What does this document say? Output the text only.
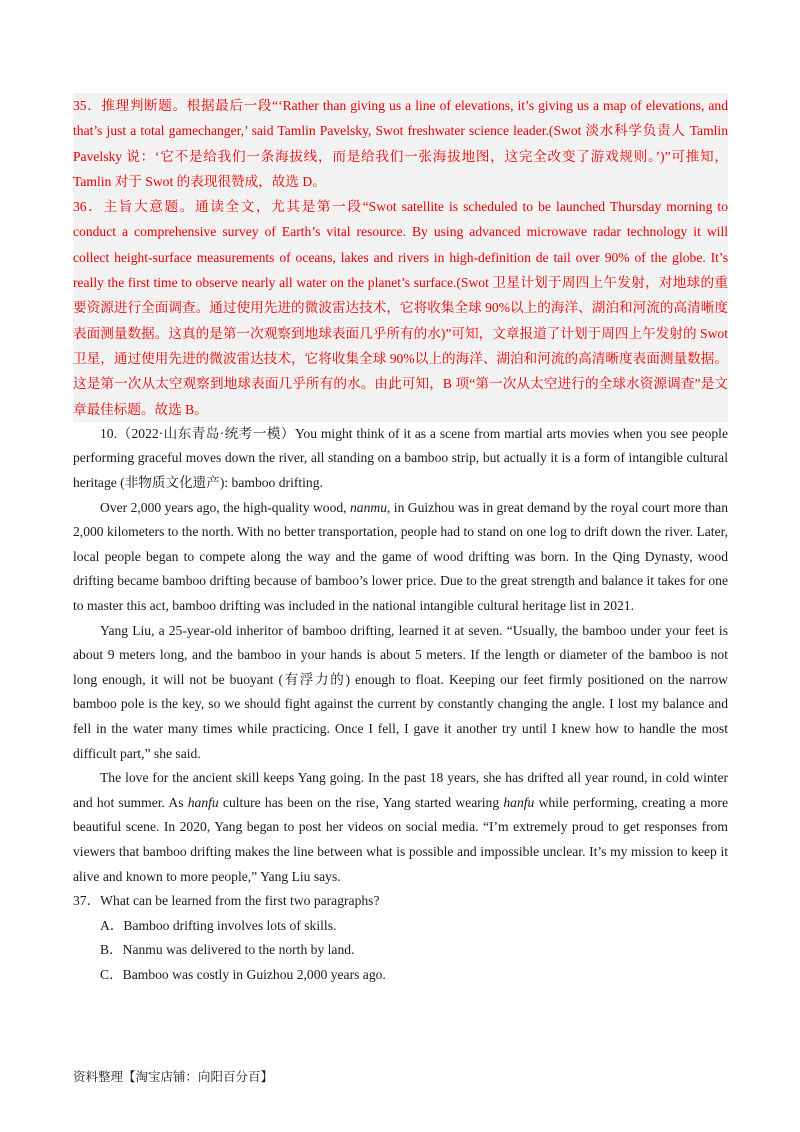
35．推理判断题。根据最后一段“‘Rather than giving us a line of elevations, it’s giving us a map of elevations, and that’s just a total gamechanger,’ said Tamlin Pavelsky, Swot freshwater science leader.(Swot 淡水科学负责人 Tamlin Pavelsky 说：‘它不是给我们一条海拔线，而是给我们一张海拔地图，这完全改变了游戏规则。’)”可推知，Tamlin 对于 Swot 的表现很赞成，故选 D。

36．主旨大意题。通读全文，尤其是第一段“Swot satellite is scheduled to be launched Thursday morning to conduct a comprehensive survey of Earth’s vital resource. By using advanced microwave radar technology it will collect height-surface measurements of oceans, lakes and rivers in high-definition de tail over 90% of the globe. It’s really the first time to observe nearly all water on the planet’s surface.(Swot 卫星计划于周四上午发射，对地球的重要资源进行全面调查。通过使用先进的微波雷达技术，它将收集全球 90%以上的海洋、湖泊和河流的高清晰度表面测量数据。这真的是第一次观察到地球表面几乎所有的水)”可知，文章报道了计划于周四上午发射的 Swot 卫星，通过使用先进的微波雷达技术，它将收集全球 90%以上的海洋、湖泊和河流的高清晰度表面测量数据。这是第一次从太空观察到地球表面几乎所有的水。由此可知，B 项“第一次从太空进行的全球水资源调查”是文章最佳标题。故选 B。

10.（2022·山东青岛·统考一模）You might think of it as a scene from martial arts movies when you see people performing graceful moves down the river, all standing on a bamboo strip, but actually it is a form of intangible cultural heritage (非物质文化遗产): bamboo drifting.

Over 2,000 years ago, the high-quality wood, nanmu, in Guizhou was in great demand by the royal court more than 2,000 kilometers to the north. With no better transportation, people had to stand on one log to drift down the river. Later, local people began to compete along the way and the game of wood drifting was born. In the Qing Dynasty, wood drifting became bamboo drifting because of bamboo’s lower price. Due to the great strength and balance it takes for one to master this act, bamboo drifting was included in the national intangible cultural heritage list in 2021.

Yang Liu, a 25-year-old inheritor of bamboo drifting, learned it at seven. “Usually, the bamboo under your feet is about 9 meters long, and the bamboo in your hands is about 5 meters. If the length or diameter of the bamboo is not long enough, it will not be buoyant (有浮力的) enough to float. Keeping our feet firmly positioned on the narrow bamboo pole is the key, so we should fight against the current by constantly changing the angle. I lost my balance and fell in the water many times while practicing. Once I fell, I gave it another try until I knew how to handle the most difficult part,” she said.

The love for the ancient skill keeps Yang going. In the past 18 years, she has drifted all year round, in cold winter and hot summer. As hanfu culture has been on the rise, Yang started wearing hanfu while performing, creating a more beautiful scene. In 2020, Yang began to post her videos on social media. “I’m extremely proud to get responses from viewers that bamboo drifting makes the line between what is possible and impossible unclear. It’s my mission to keep it alive and known to more people,” Yang Liu says.

37．What can be learned from the first two paragraphs?

A．Bamboo drifting involves lots of skills.
B．Nanmu was delivered to the north by land.
C．Bamboo was costly in Guizhou 2,000 years ago.
资料整理【淘宝店铺：向阳百分百】
